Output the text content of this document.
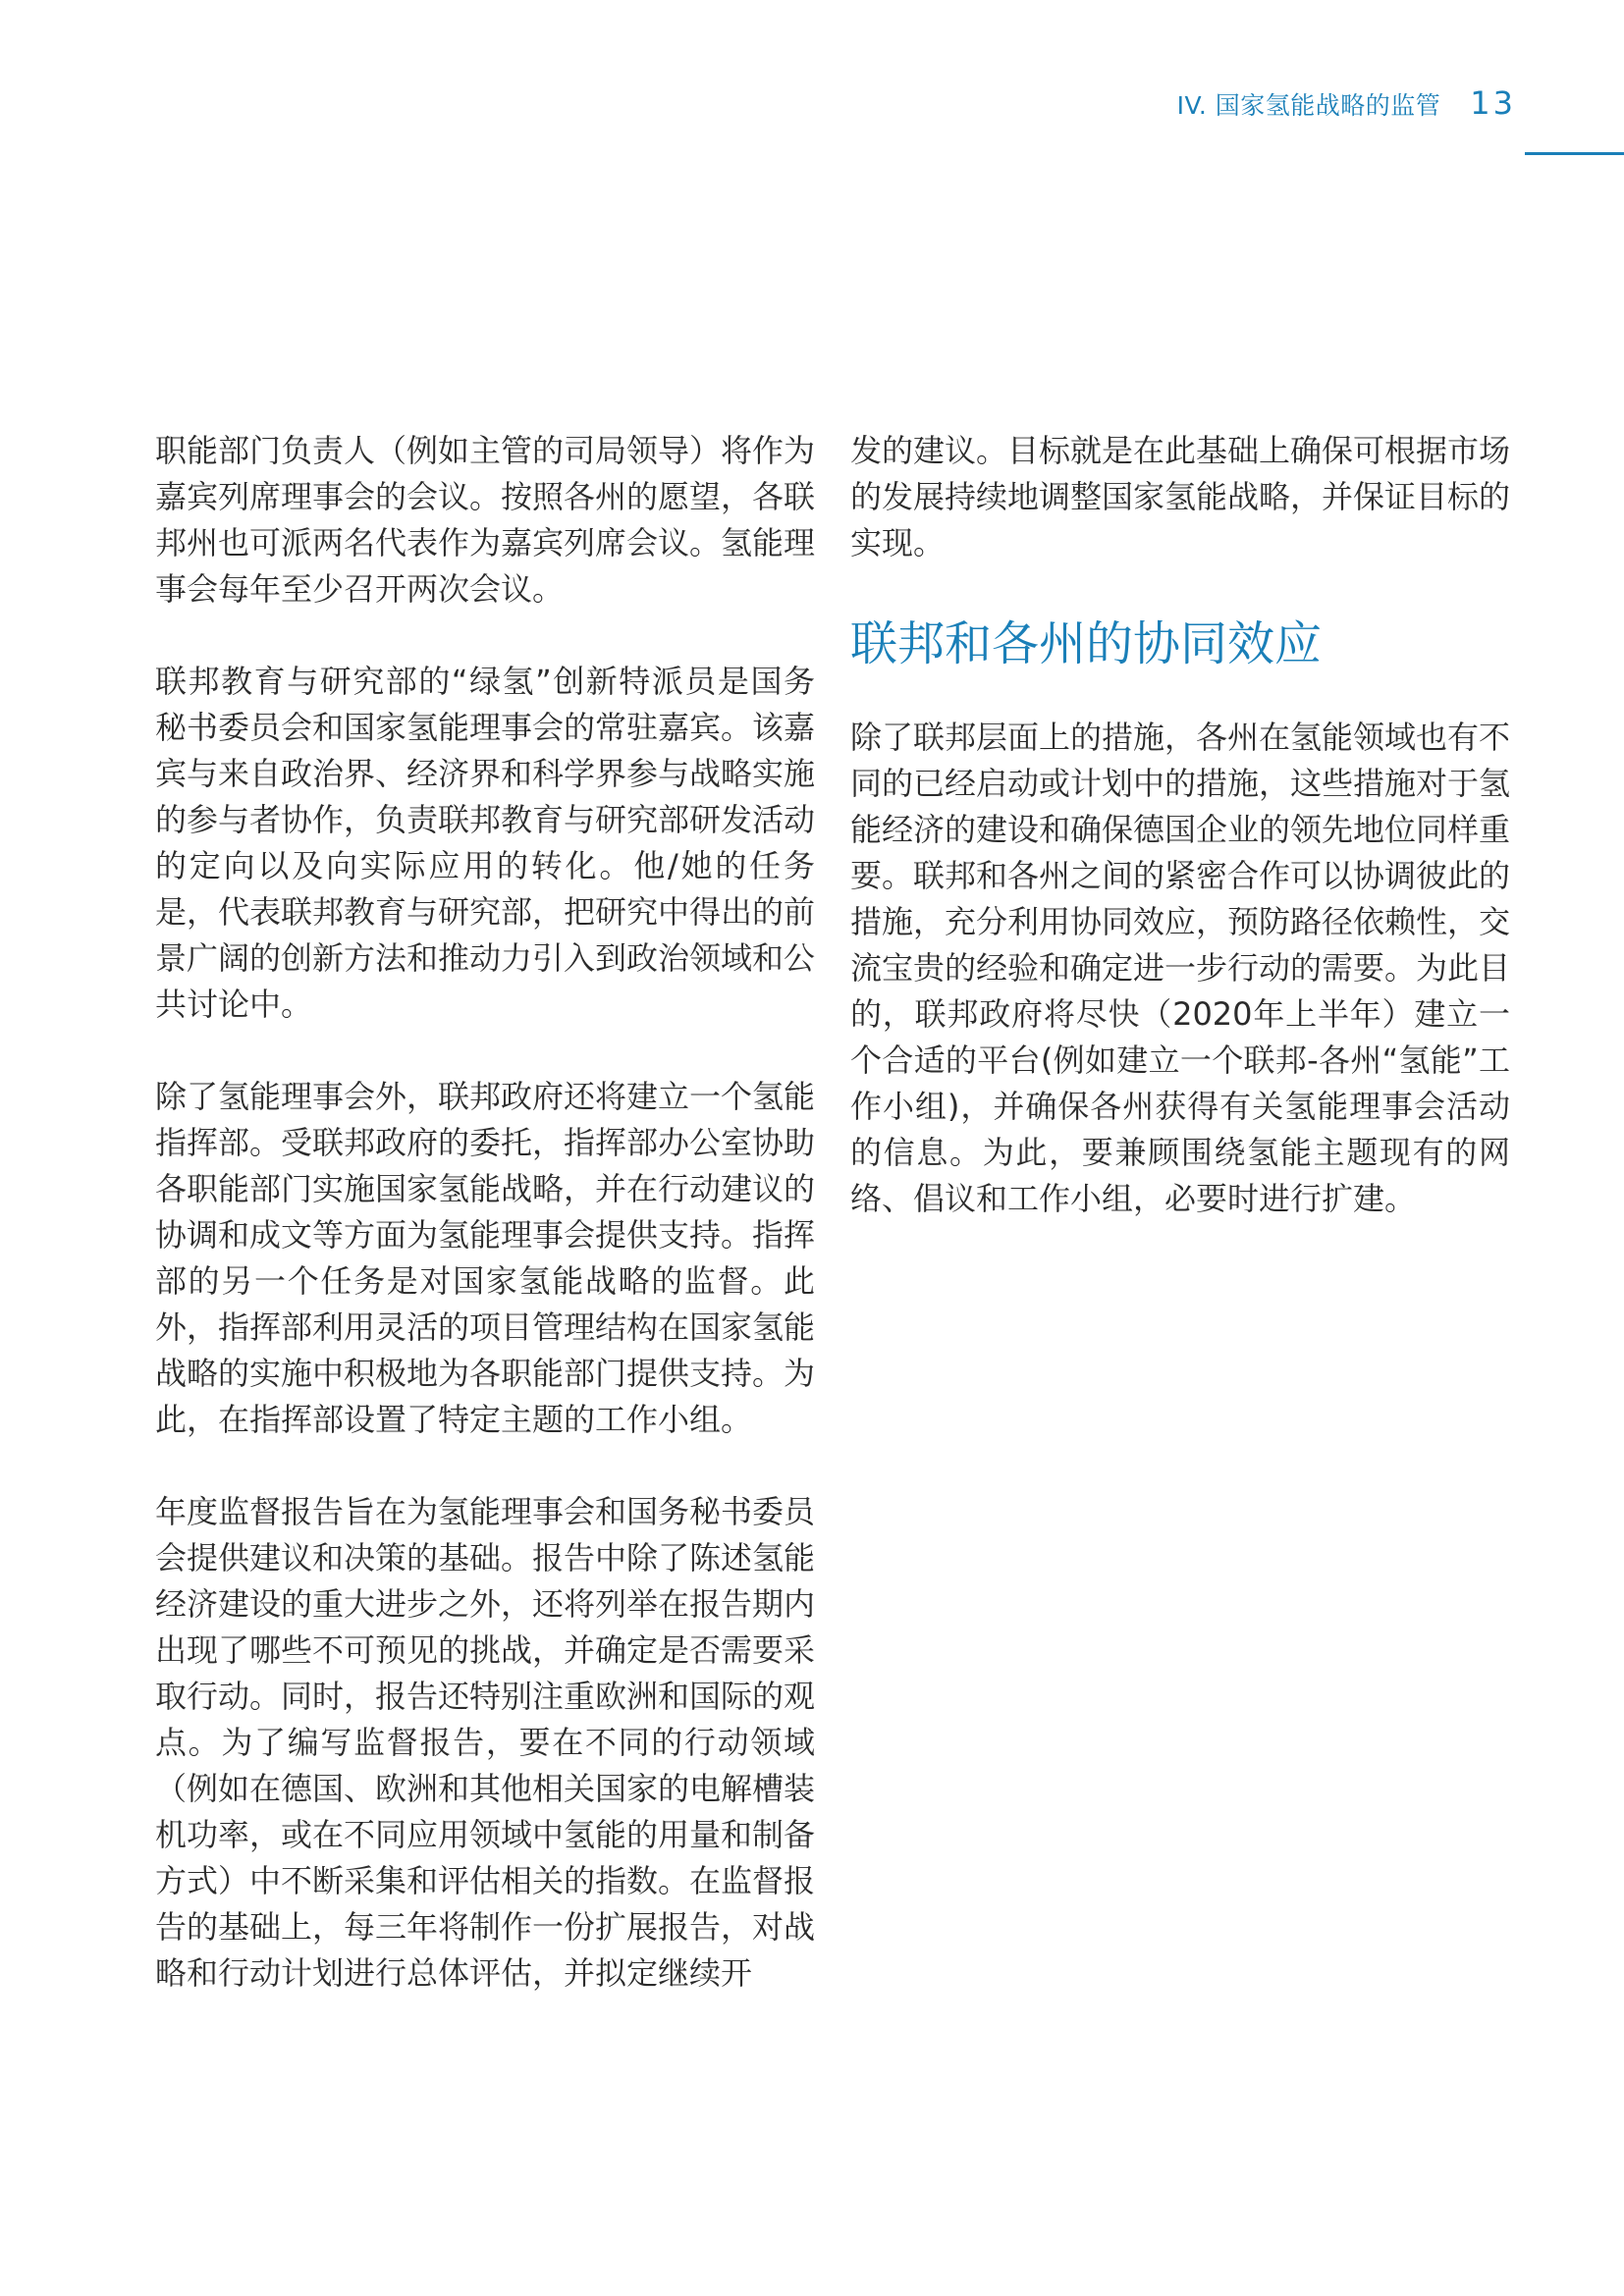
IV. 国家氢能战略的监管 13

职能部门负责人（例如主管的司局领导）将作为嘉宾列席理事会的会议。按照各州的愿望，各联邦州也可派两名代表作为嘉宾列席会议。氢能理事会每年至少召开两次会议。

联邦教育与研究部的“绿氢”创新特派员是国务秘书委员会和国家氢能理事会的常驻嘉宾。该嘉宾与来自政治界、经济界和科学界参与战略实施的参与者协作，负责联邦教育与研究部研发活动的定向以及向实际应用的转化。他/她的任务是，代表联邦教育与研究部，把研究中得出的前景广阔的创新方法和推动力引入到政治领域和公共讨论中。

除了氢能理事会外，联邦政府还将建立一个氢能指挥部。受联邦政府的委托，指挥部办公室协助各职能部门实施国家氢能战略，并在行动建议的协调和成文等方面为氢能理事会提供支持。指挥部的另一个任务是对国家氢能战略的监督。此外，指挥部利用灵活的项目管理结构在国家氢能战略的实施中积极地为各职能部门提供支持。为此，在指挥部设置了特定主题的工作小组。

年度监督报告旨在为氢能理事会和国务秘书委员会提供建议和决策的基础。报告中除了陈述氢能经济建设的重大进步之外，还将列举在报告期内出现了哪些不可预见的挑战，并确定是否需要采取行动。同时，报告还特别注重欧洲和国际的观点。为了编写监督报告，要在不同的行动领域（例如在德国、欧洲和其他相关国家的电解槽装机功率，或在不同应用领域中氢能的用量和制备方式）中不断采集和评估相关的指数。在监督报告的基础上，每三年将制作一份扩展报告，对战略和行动计划进行总体评估，并拟定继续开

发的建议。目标就是在此基础上确保可根据市场的发展持续地调整国家氢能战略，并保证目标的实现。

联邦和各州的协同效应

除了联邦层面上的措施，各州在氢能领域也有不同的已经启动或计划中的措施，这些措施对于氢能经济的建设和确保德国企业的领先地位同样重要。联邦和各州之间的紧密合作可以协调彼此的措施，充分利用协同效应，预防路径依赖性，交流宝贵的经验和确定进一步行动的需要。为此目的，联邦政府将尽快（2020年上半年）建立一个合适的平台(例如建立一个联邦-各州“氢能”工作小组)，并确保各州获得有关氢能理事会活动的信息。为此，要兼顾围绕氢能主题现有的网络、倡议和工作小组，必要时进行扩建。
